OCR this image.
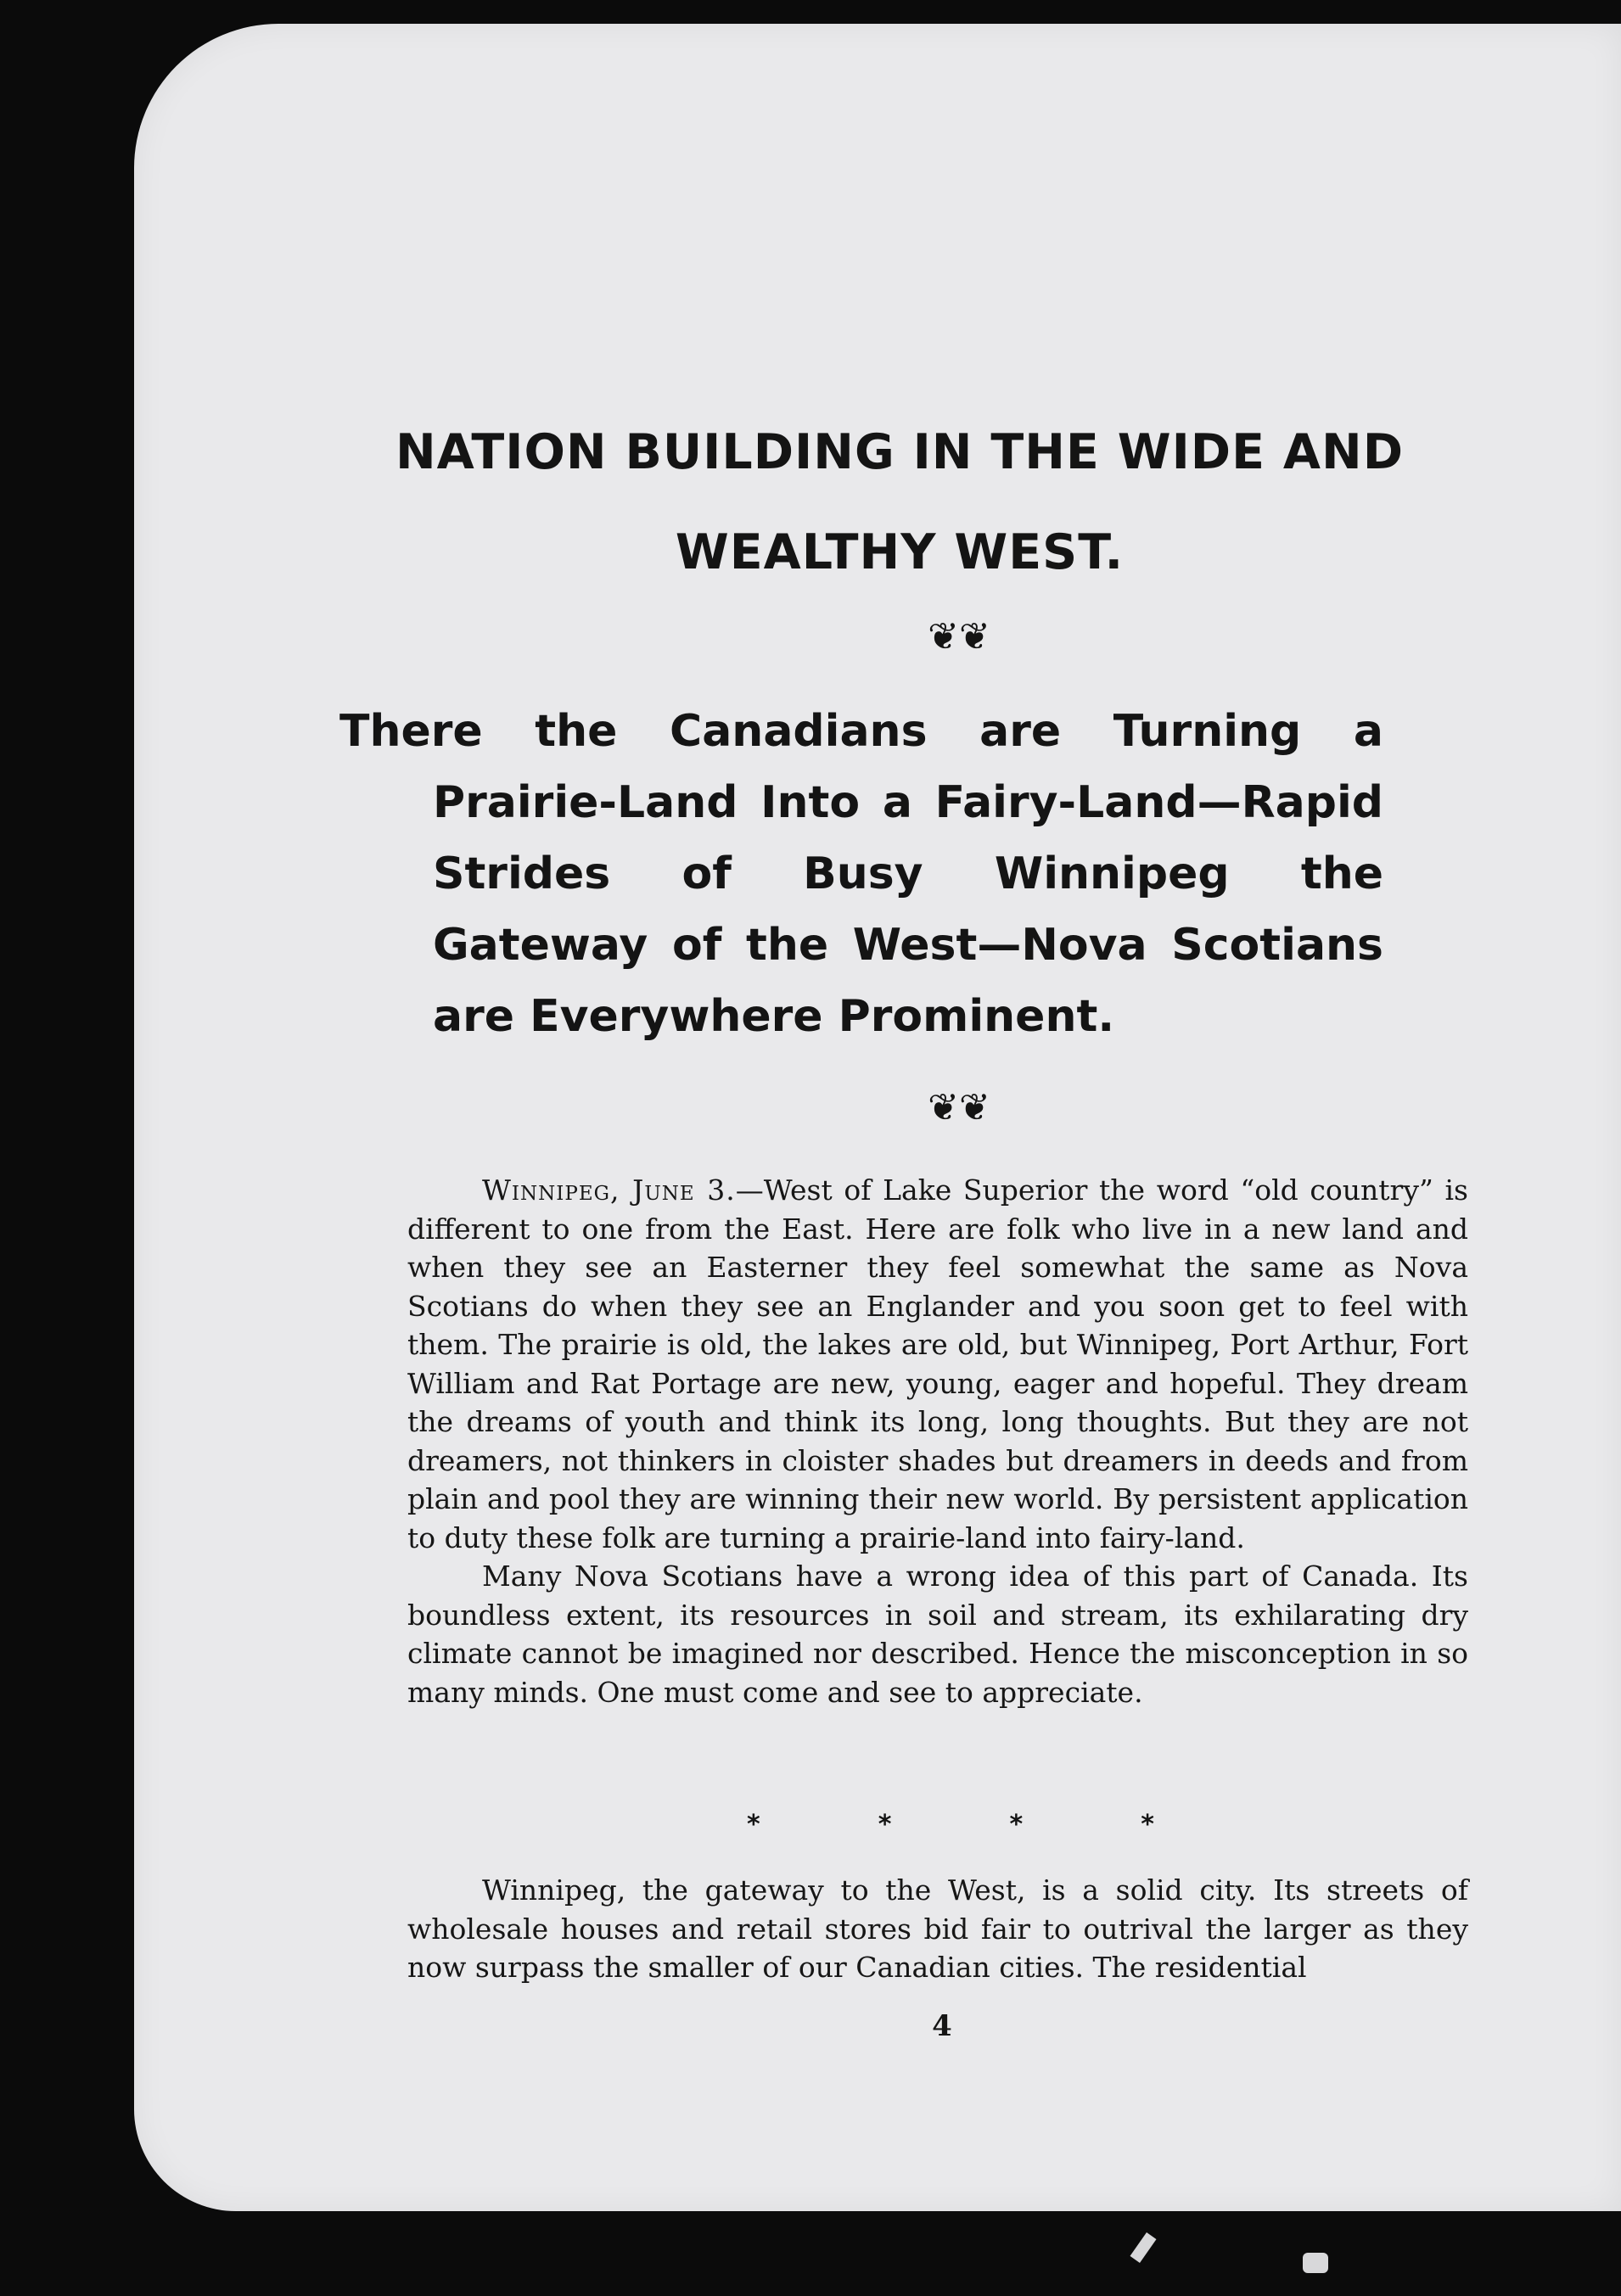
NATION BUILDING IN THE WIDE AND
WEALTHY WEST.
❦❦
There the Canadians are Turning a Prairie-Land Into a Fairy-Land—Rapid Strides of Busy Winnipeg the Gateway of the West—Nova Scotians are Everywhere Prominent.
❦❦

Winnipeg, June 3.—West of Lake Superior the word “old country” is different to one from the East. Here are folk who live in a new land and when they see an Easterner they feel somewhat the same as Nova Scotians do when they see an Englander and you soon get to feel with them. The prairie is old, the lakes are old, but Winnipeg, Port Arthur, Fort William and Rat Portage are new, young, eager and hopeful. They dream the dreams of youth and think its long, long thoughts. But they are not dreamers, not thinkers in cloister shades but dreamers in deeds and from plain and pool they are winning their new world. By persistent application to duty these folk are turning a prairie-land into fairy-land.

Many Nova Scotians have a wrong idea of this part of Canada. Its boundless extent, its resources in soil and stream, its exhilarating dry climate cannot be imagined nor described. Hence the misconception in so many minds. One must come and see to appreciate.

*	*	*	*

Winnipeg, the gateway to the West, is a solid city. Its streets of wholesale houses and retail stores bid fair to outrival the larger as they now surpass the smaller of our Canadian cities. The residential

4
